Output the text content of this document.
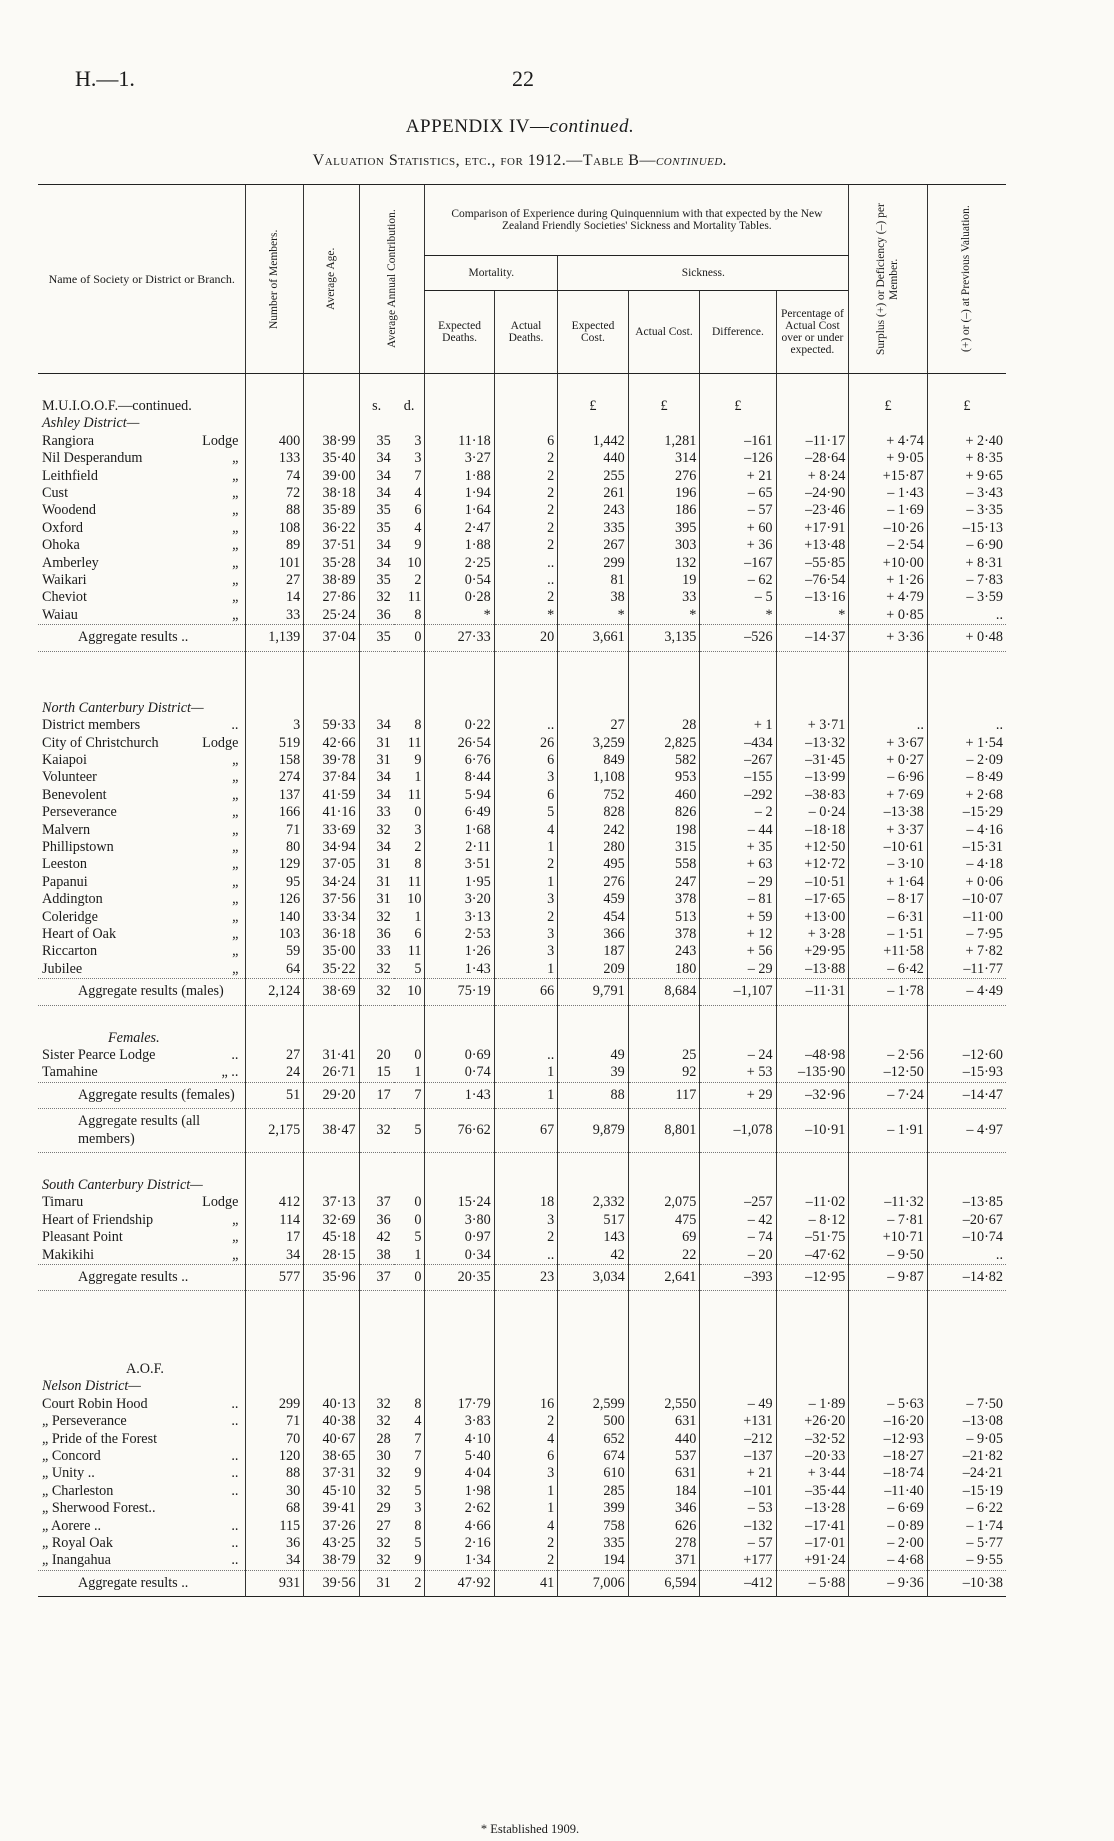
H.—1.	22
APPENDIX IV—continued.
Valuation Statistics, etc., for 1912.—Table B—continued.
Name of Society or District or Branch.	Number of Members.	Average Age.	Average Annual Contribution.		Comparison of Experience during Quinquennium with that expected by the New Zealand Friendly Societies' Sickness and Mortality Tables.						Surplus (+) or Deficiency (–) per Member.	(+) or (–) at Previous Valuation.

					Mortality.		Sickness.					
					Expected Deaths.	Actual Deaths.	Expected Cost.	Actual Cost.	Difference.	Percentage of Actual Cost over or under expected.		

M.U.I.O.O.F.—continued.			s.	d.			£	£	£		£	£
Ashley District—												
Rangiora Lodge	400	38·99	35	3	11·18	6	1,442	1,281	–161	–11·17	+ 4·74	+ 2·40
Nil Desperandum „	133	35·40	34	3	3·27	2	440	314	–126	–28·64	+ 9·05	+ 8·35
Leithfield „	74	39·00	34	7	1·88	2	255	276	+ 21	+ 8·24	+15·87	+ 9·65
Cust „	72	38·18	34	4	1·94	2	261	196	– 65	–24·90	– 1·43	– 3·43
Woodend „	88	35·89	35	6	1·64	2	243	186	– 57	–23·46	– 1·69	– 3·35
Oxford „	108	36·22	35	4	2·47	2	335	395	+ 60	+17·91	–10·26	–15·13
Ohoka „	89	37·51	34	9	1·88	2	267	303	+ 36	+13·48	– 2·54	– 6·90
Amberley „	101	35·28	34	10	2·25	..	299	132	–167	–55·85	+10·00	+ 8·31
Waikari „	27	38·89	35	2	0·54	..	81	19	– 62	–76·54	+ 1·26	– 7·83
Cheviot „	14	27·86	32	11	0·28	2	38	33	– 5	–13·16	+ 4·79	– 3·59
Waiau „	33	25·24	36	8	*	*	*	*	*	*	+ 0·85	..
Aggregate results ..	1,139	37·04	35	0	27·33	20	3,661	3,135	–526	–14·37	+ 3·36	+ 0·48

North Canterbury District—												
District members ..	3	59·33	34	8	0·22	..	27	28	+ 1	+ 3·71	..	..
City of Christchurch Lodge	519	42·66	31	11	26·54	26	3,259	2,825	–434	–13·32	+ 3·67	+ 1·54
Kaiapoi „	158	39·78	31	9	6·76	6	849	582	–267	–31·45	+ 0·27	– 2·09
Volunteer „	274	37·84	34	1	8·44	3	1,108	953	–155	–13·99	– 6·96	– 8·49
Benevolent „	137	41·59	34	11	5·94	6	752	460	–292	–38·83	+ 7·69	+ 2·68
Perseverance „	166	41·16	33	0	6·49	5	828	826	– 2	– 0·24	–13·38	–15·29
Malvern „	71	33·69	32	3	1·68	4	242	198	– 44	–18·18	+ 3·37	– 4·16
Phillipstown „	80	34·94	34	2	2·11	1	280	315	+ 35	+12·50	–10·61	–15·31
Leeston „	129	37·05	31	8	3·51	2	495	558	+ 63	+12·72	– 3·10	– 4·18
Papanui „	95	34·24	31	11	1·95	1	276	247	– 29	–10·51	+ 1·64	+ 0·06
Addington „	126	37·56	31	10	3·20	3	459	378	– 81	–17·65	– 8·17	–10·07
Coleridge „	140	33·34	32	1	3·13	2	454	513	+ 59	+13·00	– 6·31	–11·00
Heart of Oak „	103	36·18	36	6	2·53	3	366	378	+ 12	+ 3·28	– 1·51	– 7·95
Riccarton „	59	35·00	33	11	1·26	3	187	243	+ 56	+29·95	+11·58	+ 7·82
Jubilee „	64	35·22	32	5	1·43	1	209	180	– 29	–13·88	– 6·42	–11·77
Aggregate results (males)	2,124	38·69	32	10	75·19	66	9,791	8,684	–1,107	–11·31	– 1·78	– 4·49

Females.												
Sister Pearce Lodge ..	27	31·41	20	0	0·69	..	49	25	– 24	–48·98	– 2·56	–12·60
Tamahine „ ..	24	26·71	15	1	0·74	1	39	92	+ 53	–135·90	–12·50	–15·93
Aggregate results (females)	51	29·20	17	7	1·43	1	88	117	+ 29	–32·96	– 7·24	–14·47
Aggregate results (all members)	2,175	38·47	32	5	76·62	67	9,879	8,801	–1,078	–10·91	– 1·91	– 4·97

South Canterbury District—												
Timaru Lodge	412	37·13	37	0	15·24	18	2,332	2,075	–257	–11·02	–11·32	–13·85
Heart of Friendship „	114	32·69	36	0	3·80	3	517	475	– 42	– 8·12	– 7·81	–20·67
Pleasant Point „	17	45·18	42	5	0·97	2	143	69	– 74	–51·75	+10·71	–10·74
Makikihi „	34	28·15	38	1	0·34	..	42	22	– 20	–47·62	– 9·50	..
Aggregate results ..	577	35·96	37	0	20·35	23	3,034	2,641	–393	–12·95	– 9·87	–14·82

A.O.F.												
Nelson District—												
Court Robin Hood ..	299	40·13	32	8	17·79	16	2,599	2,550	– 49	– 1·89	– 5·63	– 7·50
„ Perseverance ..	71	40·38	32	4	3·83	2	500	631	+131	+26·20	–16·20	–13·08
„ Pride of the Forest	70	40·67	28	7	4·10	4	652	440	–212	–32·52	–12·93	– 9·05
„ Concord ..	120	38·65	30	7	5·40	6	674	537	–137	–20·33	–18·27	–21·82
„ Unity .. ..	88	37·31	32	9	4·04	3	610	631	+ 21	+ 3·44	–18·74	–24·21
„ Charleston ..	30	45·10	32	5	1·98	1	285	184	–101	–35·44	–11·40	–15·19
„ Sherwood Forest..	68	39·41	29	3	2·62	1	399	346	– 53	–13·28	– 6·69	– 6·22
„ Aorere .. ..	115	37·26	27	8	4·66	4	758	626	–132	–17·41	– 0·89	– 1·74
„ Royal Oak ..	36	43·25	32	5	2·16	2	335	278	– 57	–17·01	– 2·00	– 5·77
„ Inangahua ..	34	38·79	32	9	1·34	2	194	371	+177	+91·24	– 4·68	– 9·55
Aggregate results ..	931	39·56	31	2	47·92	41	7,006	6,594	–412	– 5·88	– 9·36	–10·38

* Established 1909.
